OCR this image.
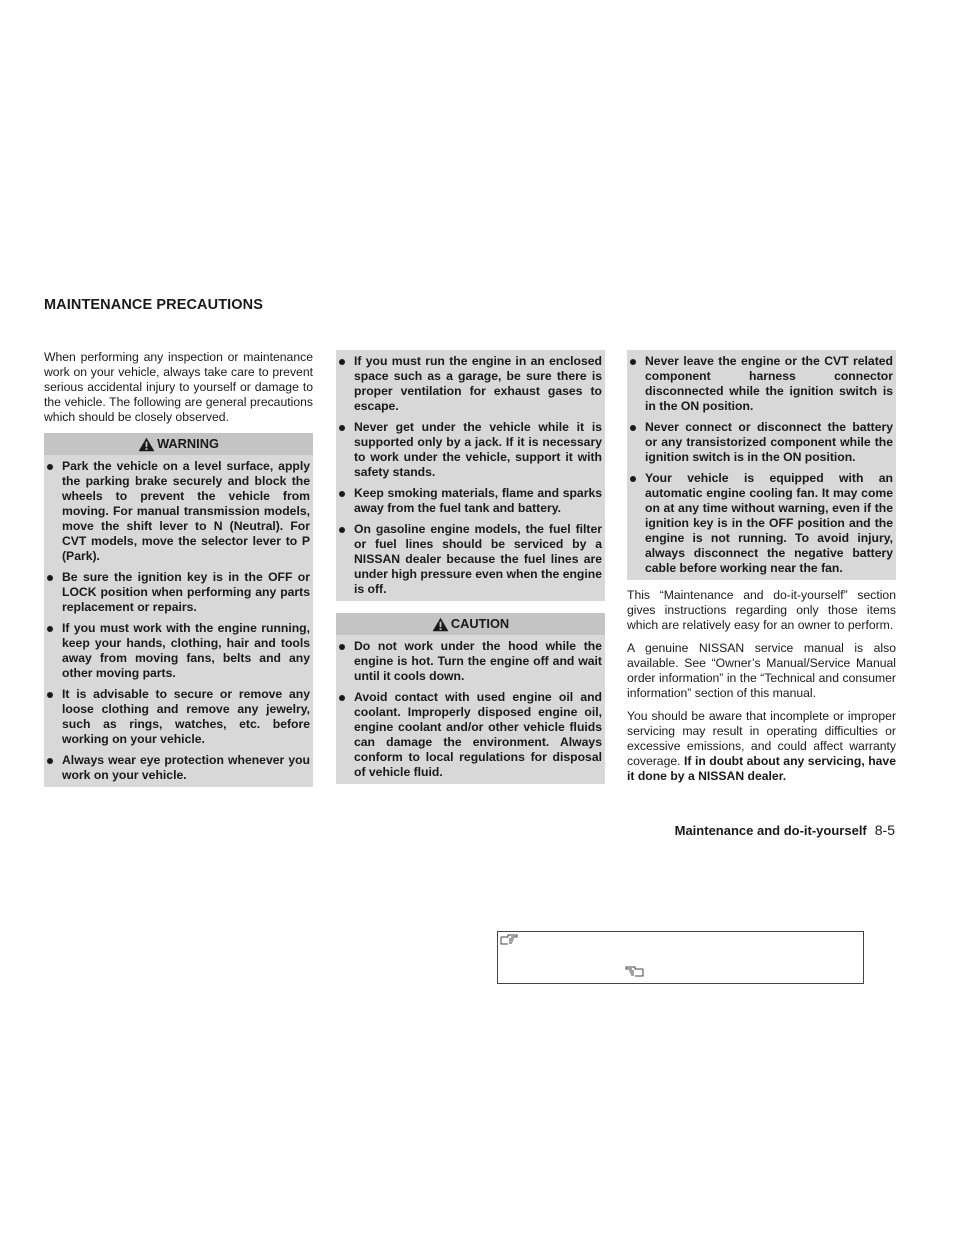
MAINTENANCE PRECAUTIONS

When performing any inspection or maintenance work on your vehicle, always take care to prevent serious accidental injury to yourself or damage to the vehicle. The following are general precautions which should be closely observed.

WARNING
Park the vehicle on a level surface, apply the parking brake securely and block the wheels to prevent the vehicle from moving. For manual transmission models, move the shift lever to N (Neutral). For CVT models, move the selector lever to P (Park).
Be sure the ignition key is in the OFF or LOCK position when performing any parts replacement or repairs.
If you must work with the engine running, keep your hands, clothing, hair and tools away from moving fans, belts and any other moving parts.
It is advisable to secure or remove any loose clothing and remove any jewelry, such as rings, watches, etc. before working on your vehicle.
Always wear eye protection whenever you work on your vehicle.
If you must run the engine in an enclosed space such as a garage, be sure there is proper ventilation for exhaust gases to escape.
Never get under the vehicle while it is supported only by a jack. If it is necessary to work under the vehicle, support it with safety stands.
Keep smoking materials, flame and sparks away from the fuel tank and battery.
On gasoline engine models, the fuel filter or fuel lines should be serviced by a NISSAN dealer because the fuel lines are under high pressure even when the engine is off.
CAUTION
Do not work under the hood while the engine is hot. Turn the engine off and wait until it cools down.
Avoid contact with used engine oil and coolant. Improperly disposed engine oil, engine coolant and/or other vehicle fluids can damage the environment. Always conform to local regulations for disposal of vehicle fluid.
Never leave the engine or the CVT related component harness connector disconnected while the ignition switch is in the ON position.
Never connect or disconnect the battery or any transistorized component while the ignition switch is in the ON position.
Your vehicle is equipped with an automatic engine cooling fan. It may come on at any time without warning, even if the ignition key is in the OFF position and the engine is not running. To avoid injury, always disconnect the negative battery cable before working near the fan.

This “Maintenance and do-it-yourself” section gives instructions regarding only those items which are relatively easy for an owner to perform.

A genuine NISSAN service manual is also available. See “Owner’s Manual/Service Manual order information” in the “Technical and consumer information” section of this manual.

You should be aware that incomplete or improper servicing may result in operating difficulties or excessive emissions, and could affect warranty coverage. If in doubt about any servicing, have it done by a NISSAN dealer.

Maintenance and do-it-yourself 8-5
